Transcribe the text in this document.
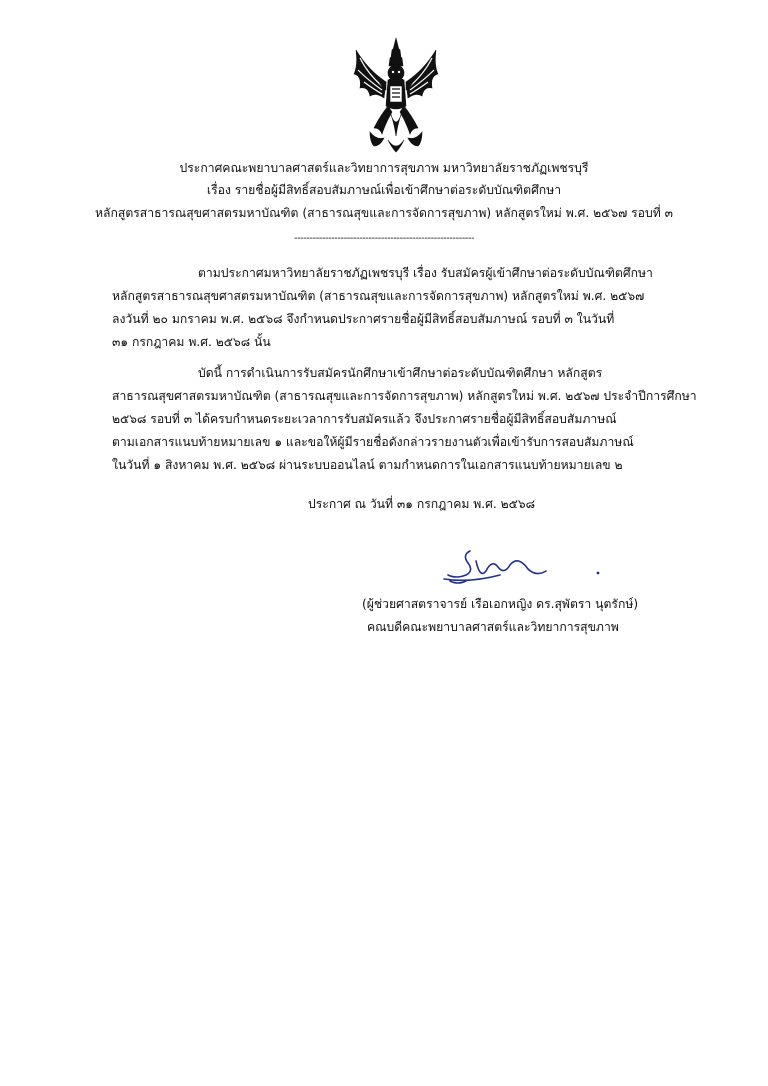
ประกาศคณะพยาบาลศาสตร์และวิทยาการสุขภาพ มหาวิทยาลัยราชภัฏเพชรบุรี
เรื่อง รายชื่อผู้มีสิทธิ์สอบสัมภาษณ์เพื่อเข้าศึกษาต่อระดับบัณฑิตศึกษา
หลักสูตรสาธารณสุขศาสตรมหาบัณฑิต (สาธารณสุขและการจัดการสุขภาพ) หลักสูตรใหม่ พ.ศ. ๒๕๖๗ รอบที่ ๓
----------------------------------------------------------
ตามประกาศมหาวิทยาลัยราชภัฏเพชรบุรี เรื่อง รับสมัครผู้เข้าศึกษาต่อระดับบัณฑิตศึกษา
หลักสูตรสาธารณสุขศาสตรมหาบัณฑิต (สาธารณสุขและการจัดการสุขภาพ) หลักสูตรใหม่ พ.ศ. ๒๕๖๗
ลงวันที่ ๒๐ มกราคม พ.ศ. ๒๕๖๘ จึงกำหนดประกาศรายชื่อผู้มีสิทธิ์สอบสัมภาษณ์ รอบที่ ๓ ในวันที่
๓๑ กรกฎาคม พ.ศ. ๒๕๖๘ นั้น
บัดนี้ การดำเนินการรับสมัครนักศึกษาเข้าศึกษาต่อระดับบัณฑิตศึกษา หลักสูตร
สาธารณสุขศาสตรมหาบัณฑิต (สาธารณสุขและการจัดการสุขภาพ) หลักสูตรใหม่ พ.ศ. ๒๕๖๗ ประจำปีการศึกษา
๒๕๖๘ รอบที่ ๓ ได้ครบกำหนดระยะเวลาการรับสมัครแล้ว จึงประกาศรายชื่อผู้มีสิทธิ์สอบสัมภาษณ์
ตามเอกสารแนบท้ายหมายเลข ๑ และขอให้ผู้มีรายชื่อดังกล่าวรายงานตัวเพื่อเข้ารับการสอบสัมภาษณ์
ในวันที่ ๑ สิงหาคม พ.ศ. ๒๕๖๘ ผ่านระบบออนไลน์ ตามกำหนดการในเอกสารแนบท้ายหมายเลข ๒
ประกาศ ณ วันที่ ๓๑ กรกฎาคม พ.ศ. ๒๕๖๘
(ผู้ช่วยศาสตราจารย์ เรือเอกหญิง ดร.สุพัตรา นุตรักษ์)
คณบดีคณะพยาบาลศาสตร์และวิทยาการสุขภาพ
